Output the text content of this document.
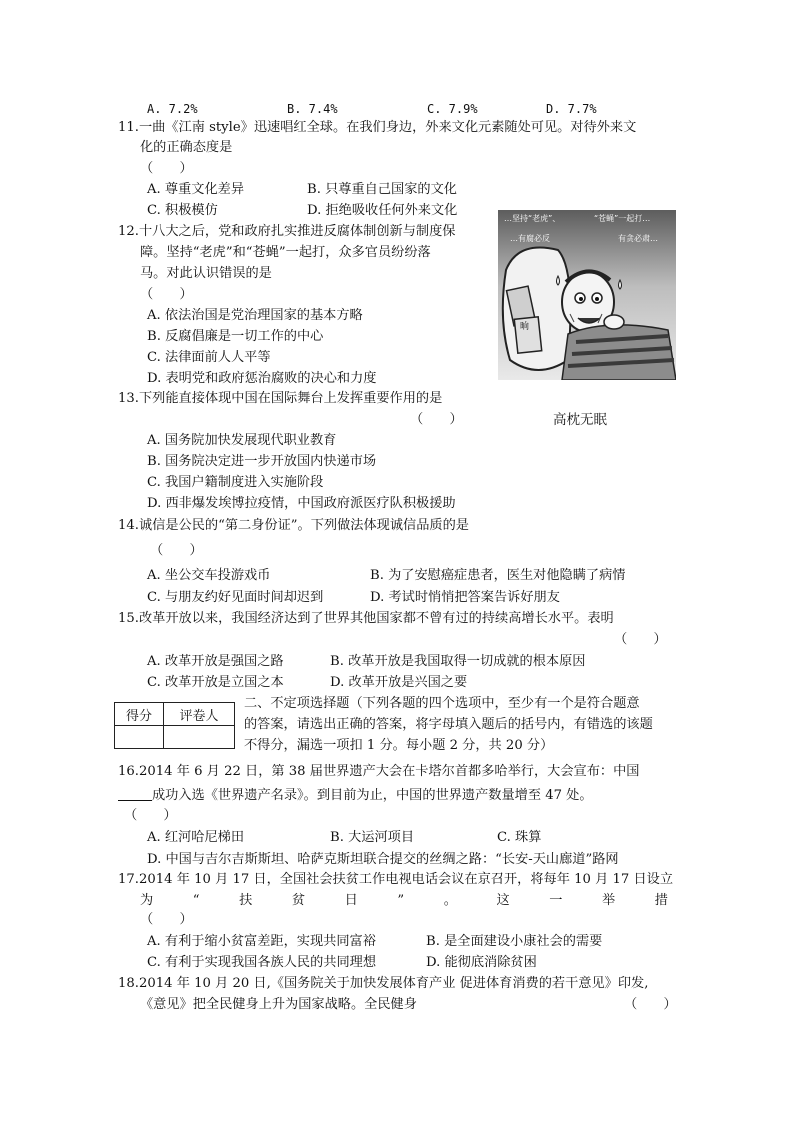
A. 7.2%	B. 7.4%	C. 7.9%	D. 7.7%
11.一曲《江南 style》迅速唱红全球。在我们身边，外来文化元素随处可见。对待外来文
化的正确态度是
（　　）
A. 尊重文化差异	B. 只尊重自己国家的文化
C. 积极模仿	D. 拒绝吸收任何外来文化
12.十八大之后，党和政府扎实推进反腐体制创新与制度保
障。坚持“老虎”和“苍蝇”一起打，众多官员纷纷落
马。对此认识错误的是
（　　）
A. 依法治国是党治理国家的基本方略
B. 反腐倡廉是一切工作的中心
C. 法律面前人人平等
D. 表明党和政府惩治腐败的决心和力度
…坚持“老虎”、	“苍蝇”一起打…
…有腐必反	有贪必肃…
晌
13.下列能直接体现中国在国际舞台上发挥重要作用的是
（　　）	高枕无眠
A. 国务院加快发展现代职业教育
B. 国务院决定进一步开放国内快递市场
C. 我国户籍制度进入实施阶段
D. 西非爆发埃博拉疫情，中国政府派医疗队积极援助
14.诚信是公民的“第二身份证”。下列做法体现诚信品质的是
（　　）
A. 坐公交车投游戏币	B. 为了安慰癌症患者，医生对他隐瞒了病情
C. 与朋友约好见面时间却迟到	D. 考试时悄悄把答案告诉好朋友
15.改革开放以来，我国经济达到了世界其他国家都不曾有过的持续高增长水平。表明
（　　）
A. 改革开放是强国之路	B. 改革开放是我国取得一切成就的根本原因
C. 改革开放是立国之本	D. 改革开放是兴国之要
得分	评卷人

二、不定项选择题（下列各题的四个选项中，至少有一个是符合题意
的答案，请选出正确的答案，将字母填入题后的括号内，有错选的该题
不得分，漏选一项扣 1 分。每小题 2 分，共 20 分）
16.2014 年 6 月 22 日，第 38 届世界遗产大会在卡塔尔首都多哈举行，大会宣布：中国
成功入选《世界遗产名录》。到目前为止，中国的世界遗产数量增至 47 处。
（　　）
A. 红河哈尼梯田	B. 大运河项目	C. 珠算
D. 中国与吉尔吉斯斯坦、哈萨克斯坦联合提交的丝绸之路：“长安-天山廊道”路网
17.2014 年 10 月 17 日，全国社会扶贫工作电视电话会议在京召开，将每年 10 月 17 日设立
为	“	扶	贫	日	”	。	这	一	举	措
（　　）
A. 有利于缩小贫富差距，实现共同富裕	B. 是全面建设小康社会的需要
C. 有利于实现我国各族人民的共同理想	D. 能彻底消除贫困
18.2014 年 10 月 20 日,《国务院关于加快发展体育产业 促进体育消费的若干意见》印发,
《意见》把全民健身上升为国家战略。全民健身	（　　）
